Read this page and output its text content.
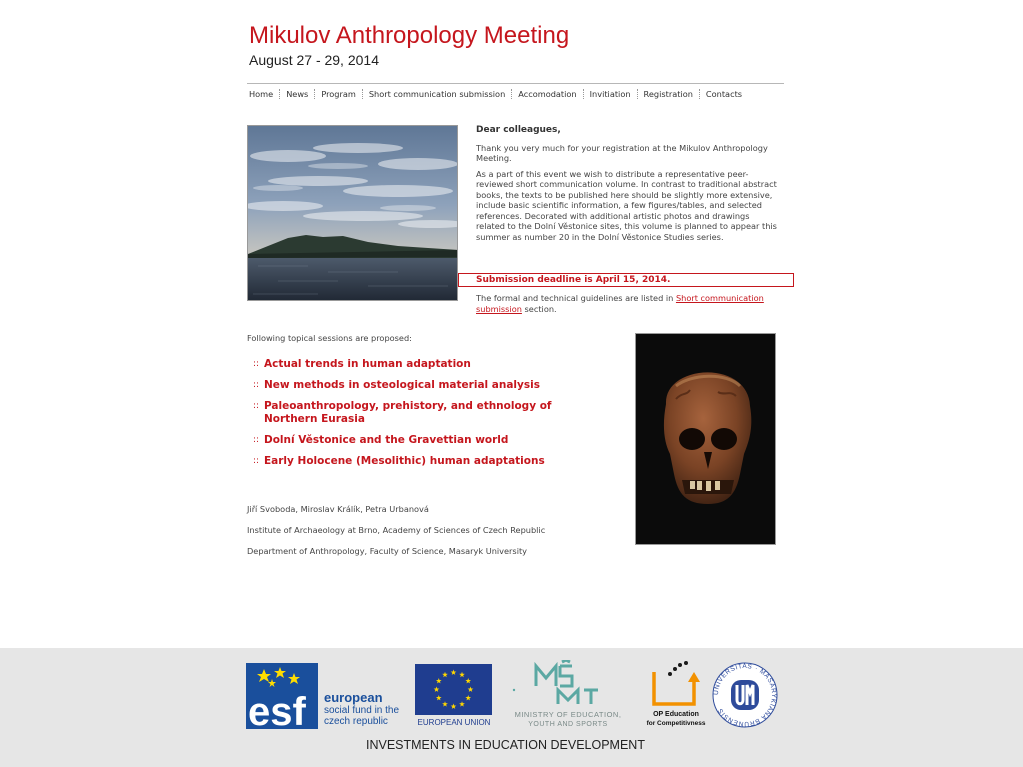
Mikulov Anthropology Meeting
August 27 - 29, 2014
Home	News	Program	Short communication submission	Accomodation	Invitiation	Registration	Contacts

Dear colleagues,

Thank you very much for your registration at the Mikulov Anthropology Meeting.

As a part of this event we wish to distribute a representative peer-reviewed short communication volume. In contrast to traditional abstract books, the texts to be published here should be slightly more extensive, include basic scientific information, a few figures/tables, and selected references. Decorated with additional artistic photos and drawings related to the Dolní Věstonice sites, this volume is planned to appear this summer as number 20 in the Dolní Věstonice Studies series.

Submission deadline is April 15, 2014.
The formal and technical guidelines are listed in Short communication submission section.
Following topical sessions are proposed:
:: Actual trends in human adaptation
:: New methods in osteological material analysis
:: Paleoanthropology, prehistory, and ethnology of Northern Eurasia
:: Dolní Věstonice and the Gravettian world
:: Early Holocene (Mesolithic) human adaptations
Jiří Svoboda, Miroslav Králík, Petra Urbanová
Institute of Archaeology at Brno, Academy of Sciences of Czech Republic
Department of Anthropology, Faculty of Science, Masaryk University
esf european
social fund in the
czech republic	EUROPEAN UNION
MINISTRY OF EDUCATION,
YOUTH AND SPORTS
OP Education
for Competitivness
UNIVERSITAS · MASARYKIANA BRUNENSIS
INVESTMENTS IN EDUCATION DEVELOPMENT
